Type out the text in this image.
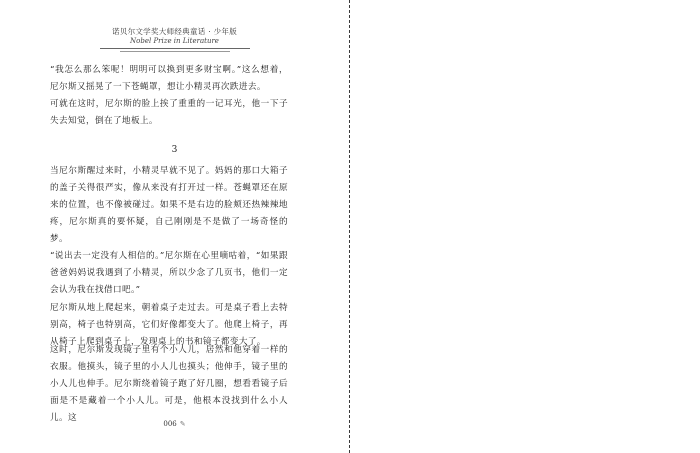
诺贝尔文学奖大师经典童话 · 少年版
Nobel Prize in Literature

“我怎么那么笨呢！明明可以换到更多财宝啊。”这么想着，尼尔斯又摇晃了一下苍蝇罩，想让小精灵再次跌进去。

可就在这时，尼尔斯的脸上挨了重重的一记耳光，他一下子失去知觉，倒在了地板上。

3

当尼尔斯醒过来时，小精灵早就不见了。妈妈的那口大箱子的盖子关得很严实，像从来没有打开过一样。苍蝇罩还在原来的位置，也不像被碰过。如果不是右边的脸颊还热辣辣地疼，尼尔斯真的要怀疑，自己刚刚是不是做了一场奇怪的梦。

“说出去一定没有人相信的。”尼尔斯在心里嘀咕着，“如果跟爸爸妈妈说我遇到了小精灵，所以少念了几页书，他们一定会认为我在找借口吧。”

尼尔斯从地上爬起来，朝着桌子走过去。可是桌子看上去特别高，椅子也特别高，它们好像都变大了。他爬上椅子，再从椅子上爬到桌子上，发现桌上的书和镜子都变大了。

这时，尼尔斯发现镜子里有个小人儿，居然和他穿着一样的衣服。他摸头，镜子里的小人儿也摸头；他伸手，镜子里的小人儿也伸手。尼尔斯绕着镜子跑了好几圈，想看看镜子后面是不是藏着一个小人儿。可是，他根本没找到什么小人儿。这

006 ✎
